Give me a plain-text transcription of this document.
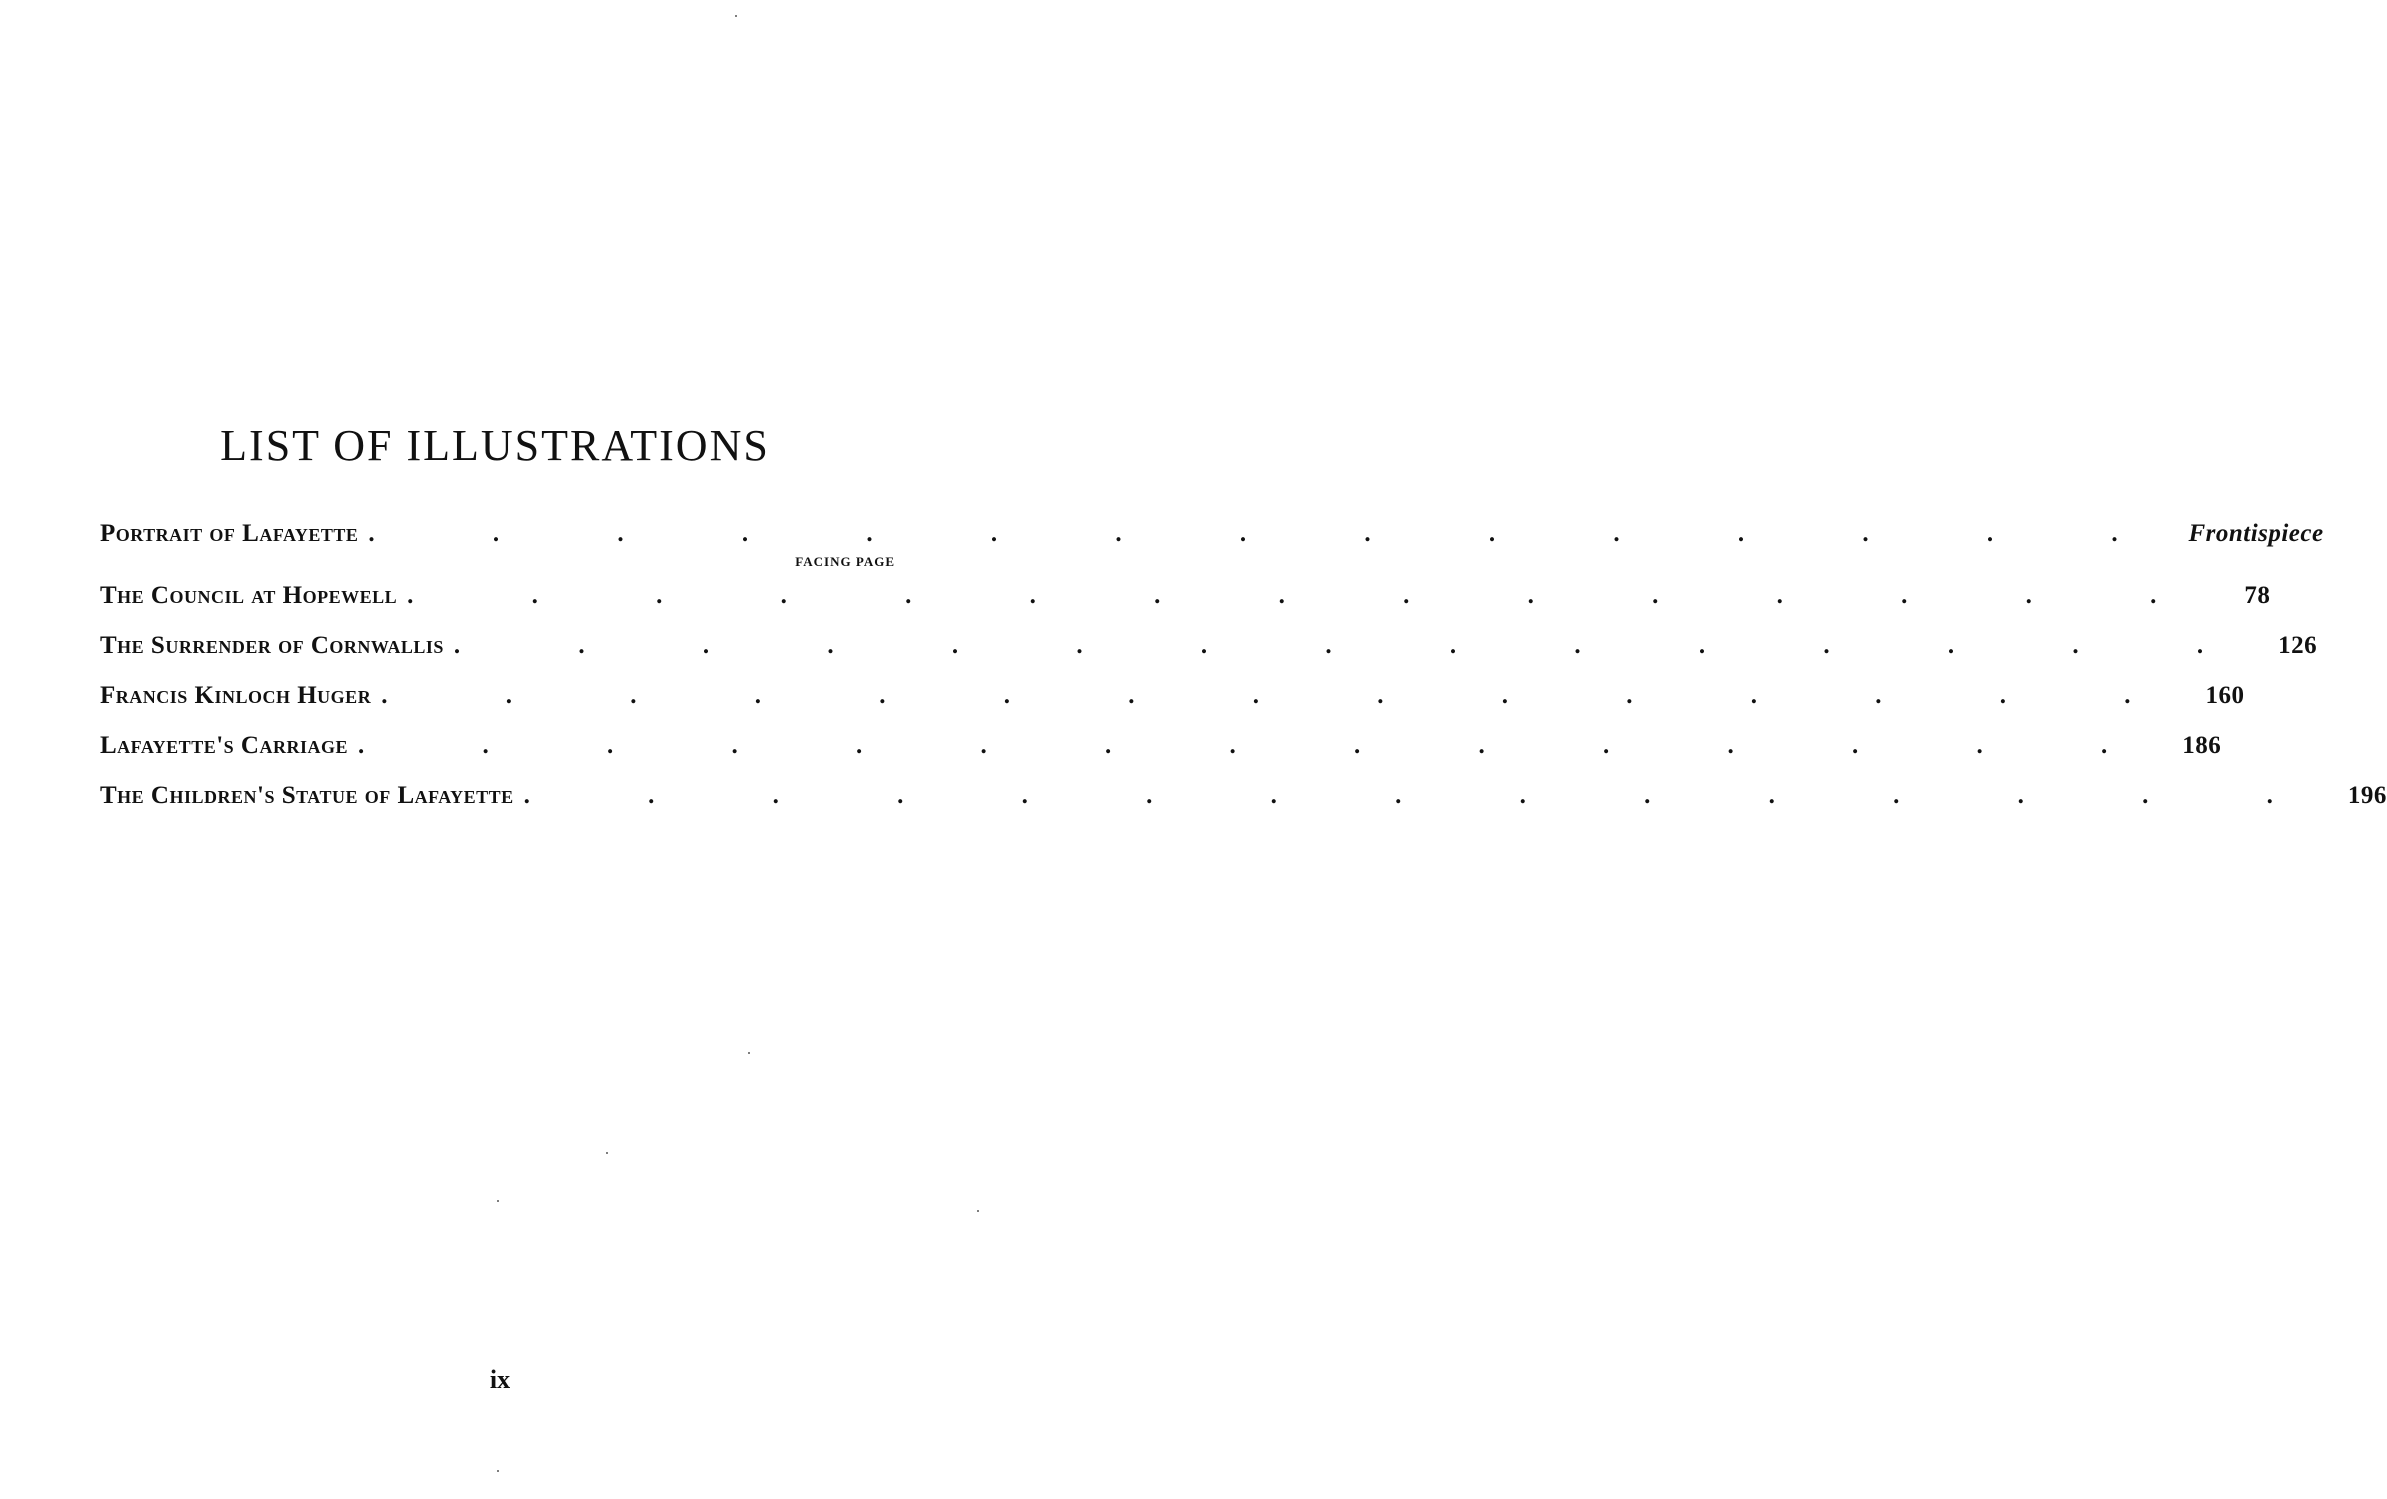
LIST OF ILLUSTRATIONS
Portrait of Lafayette . . . . . . . . . . . . . . . Frontispiece
FACING PAGE
The Council at Hopewell . . . . . . . . . . . . . . .	78
The Surrender of Cornwallis . . . . . . . . . . . . . . . 126
Francis Kinloch Huger . . . . . . . . . . . . . . . 160
Lafayette's Carriage . . . . . . . . . . . . . . . 186
The Children's Statue of Lafayette . . . . . . . . . . . . . . . 196
ix
